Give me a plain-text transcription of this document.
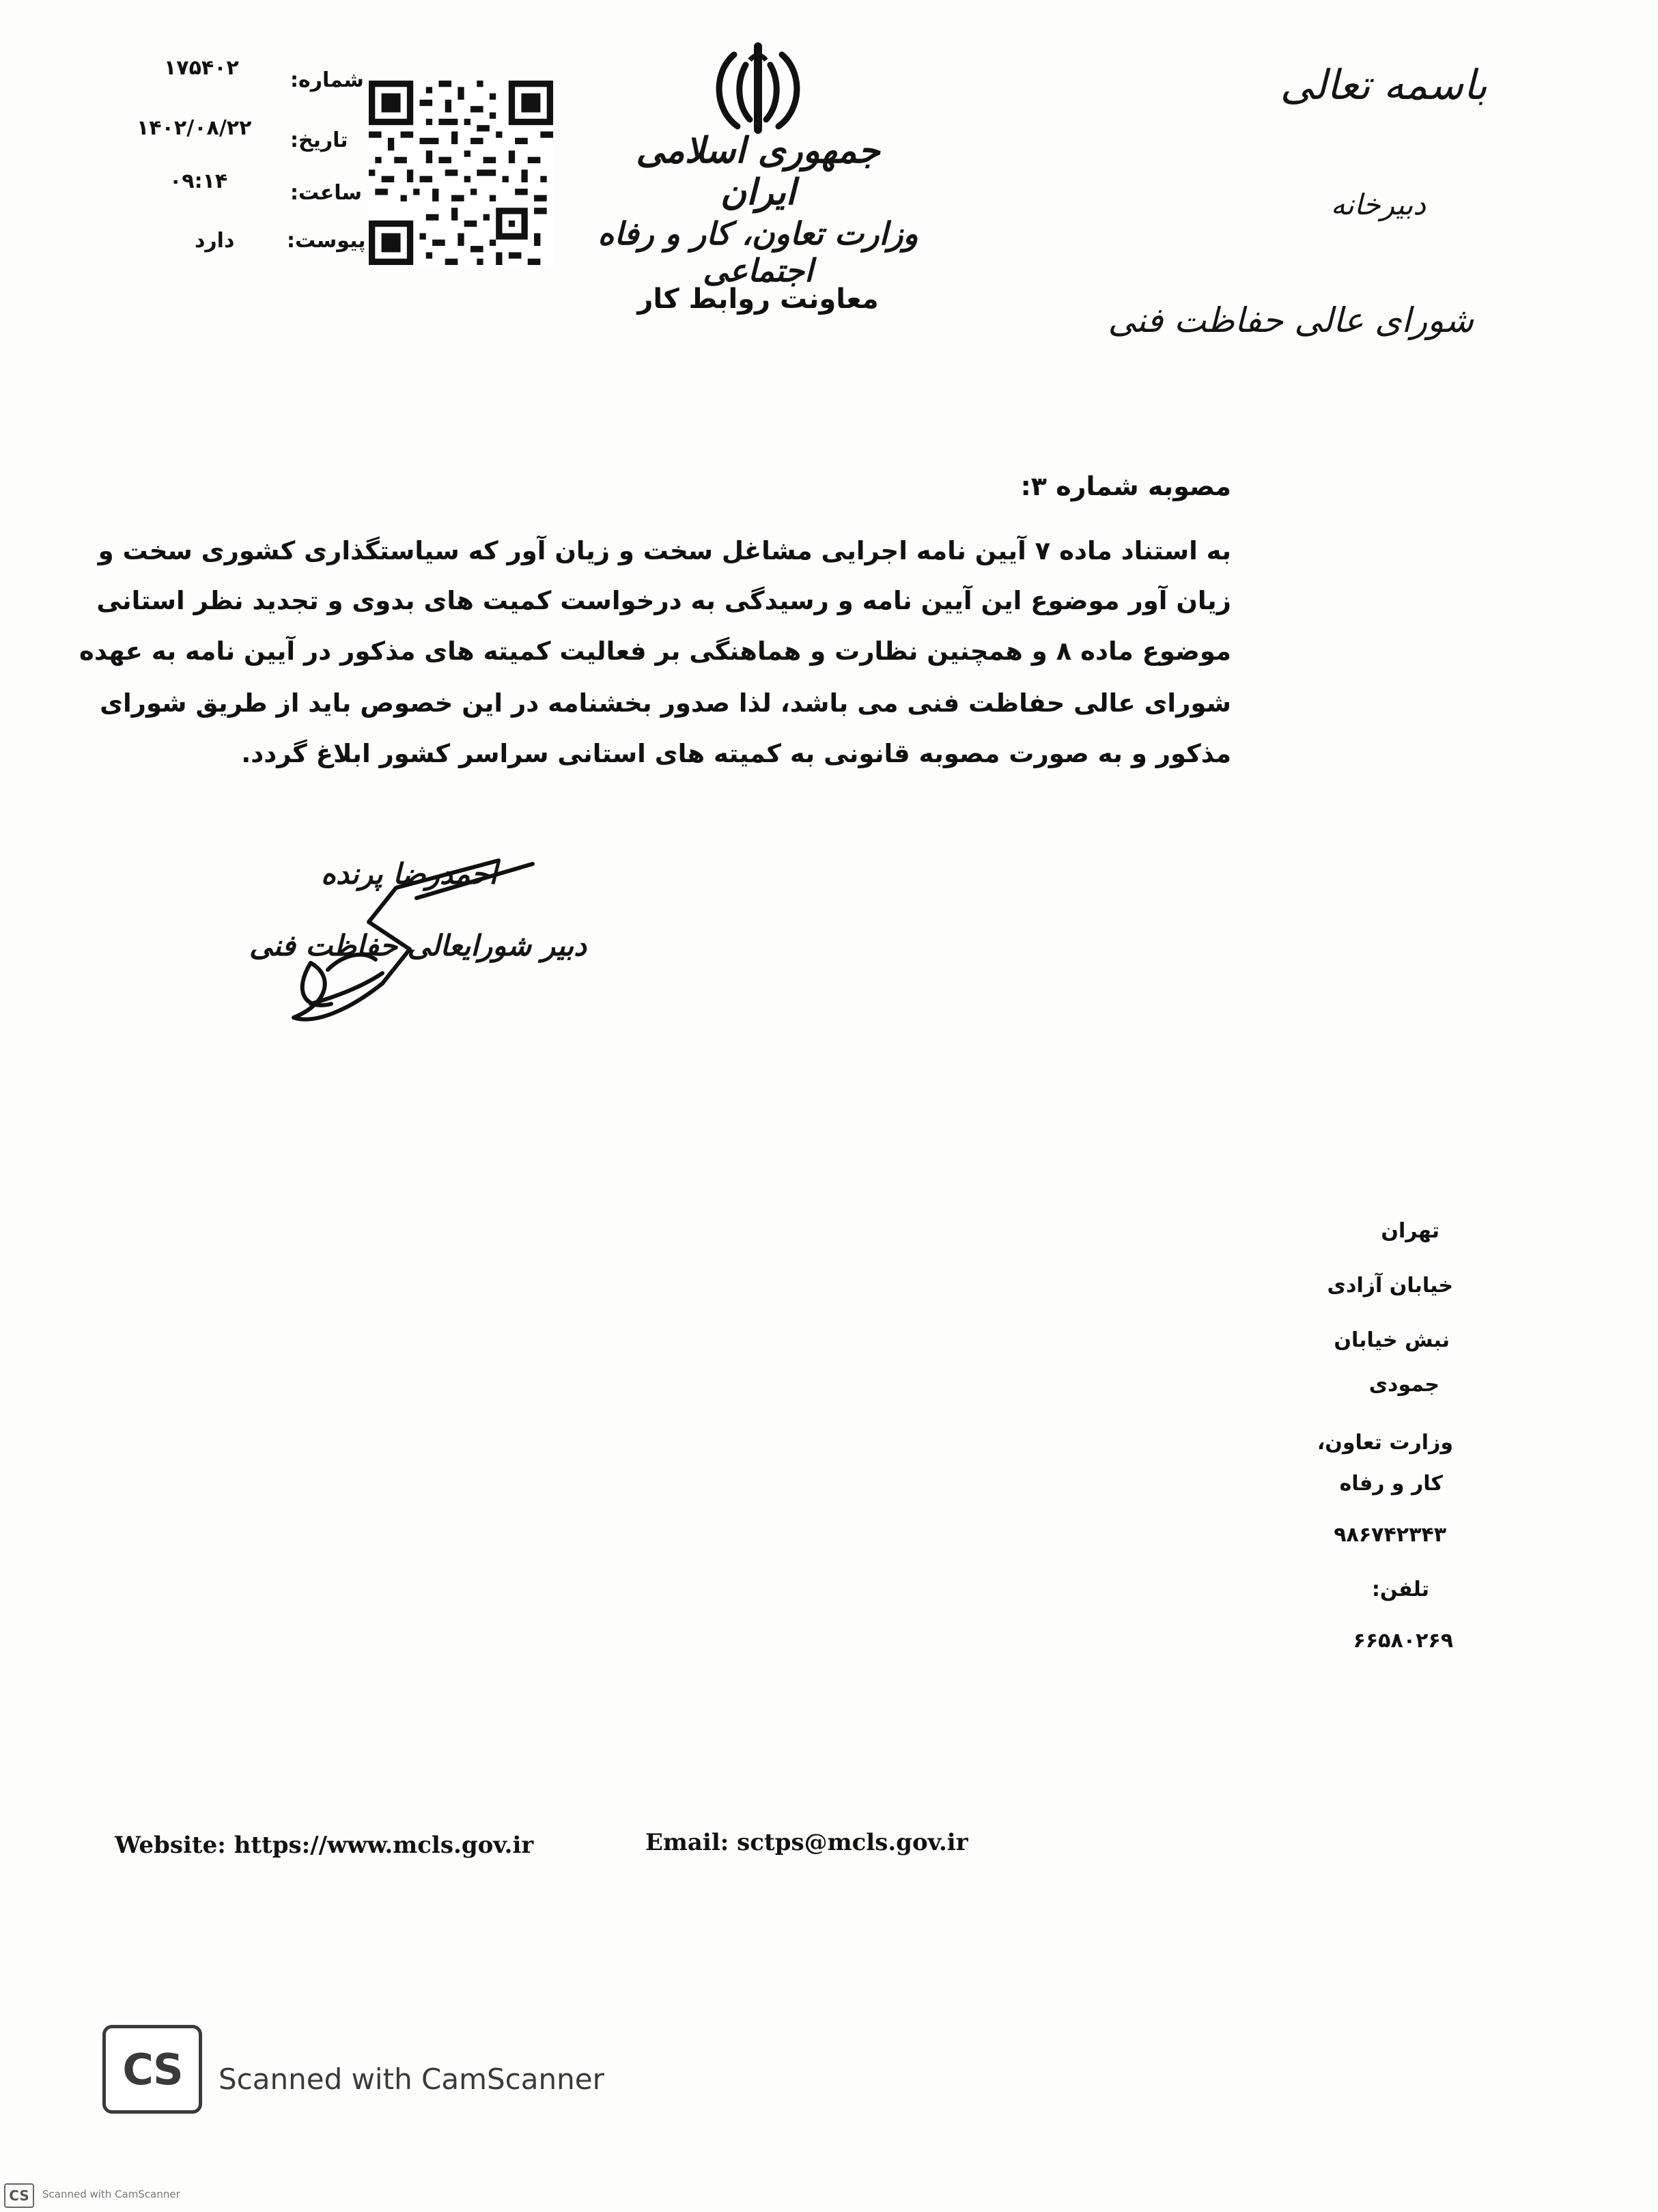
باسمه تعالی
دبیرخانه
شورای عالی حفاظت فنی
جمهوری اسلامی ایران
وزارت تعاون، کار و رفاه اجتماعی
معاونت روابط کار
شماره:
۱۷۵۴۰۲
تاریخ:
۱۴۰۲/۰۸/۲۲
ساعت:
۰۹:۱۴
پیوست:
دارد
مصوبه شماره ۳:
به استناد ماده ۷ آیین نامه اجرایی مشاغل سخت و زیان آور که سیاستگذاری کشوری سخت و
زیان آور موضوع این آیین نامه و رسیدگی به درخواست کمیت های بدوی و تجدید نظر استانی
موضوع ماده ۸ و همچنین نظارت و هماهنگی بر فعالیت کمیته های مذکور در آیین نامه به عهده
شورای عالی حفاظت فنی می باشد، لذا صدور بخشنامه در این خصوص باید از طریق شورای
مذکور و به صورت مصوبه قانونی به کمیته های استانی سراسر کشور ابلاغ گردد.
احمدرضا پرنده
دبیر شورایعالی حفاظت فنی
تهران
خیابان آزادی
نبش خیابان
جمودی
وزارت تعاون،
کار و رفاه
۹۸۶۷۴۲۳۴۳
تلفن:
۶۶۵۸۰۲۶۹
Website: https://www.mcls.gov.ir	Email: sctps@mcls.gov.ir
CS Scanned with CamScanner
CS Scanned with CamScanner
